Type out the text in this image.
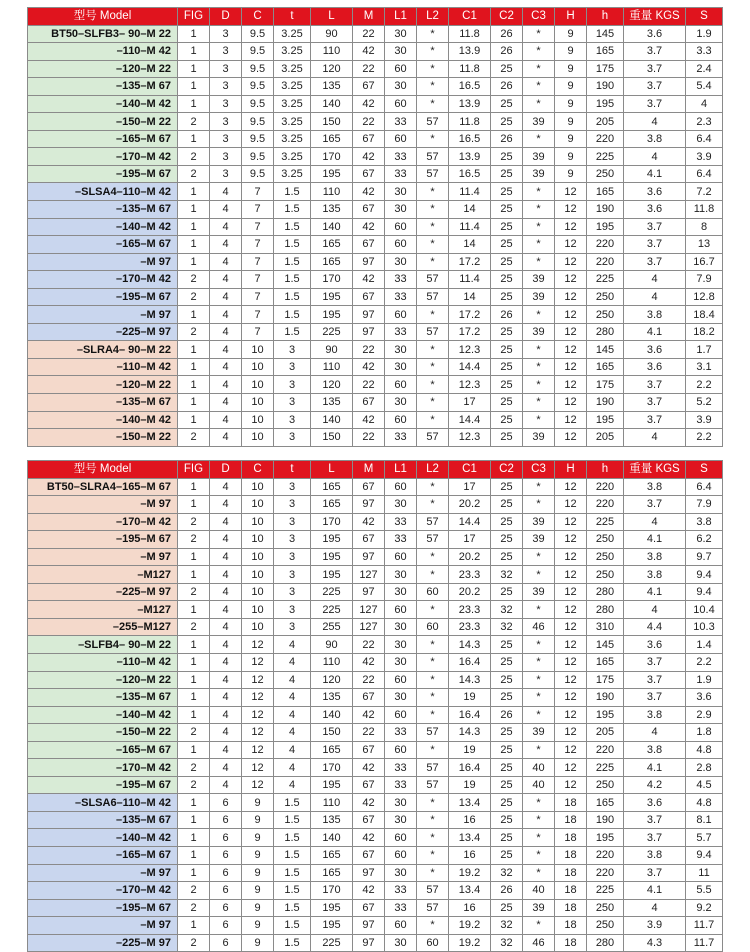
型号 Model	FIG	D	C	t	L	M	L1	L2	C1	C2	C3	H	h	重量 KGS	S
BT50–SLFB3– 90–M 22	1	3	9.5	3.25	90	22	30	*	11.8	26	*	9	145	3.6	1.9
–110–M 42	1	3	9.5	3.25	110	42	30	*	13.9	26	*	9	165	3.7	3.3
–120–M 22	1	3	9.5	3.25	120	22	60	*	11.8	25	*	9	175	3.7	2.4
–135–M 67	1	3	9.5	3.25	135	67	30	*	16.5	26	*	9	190	3.7	5.4
–140–M 42	1	3	9.5	3.25	140	42	60	*	13.9	25	*	9	195	3.7	4
–150–M 22	2	3	9.5	3.25	150	22	33	57	11.8	25	39	9	205	4	2.3
–165–M 67	1	3	9.5	3.25	165	67	60	*	16.5	26	*	9	220	3.8	6.4
–170–M 42	2	3	9.5	3.25	170	42	33	57	13.9	25	39	9	225	4	3.9
–195–M 67	2	3	9.5	3.25	195	67	33	57	16.5	25	39	9	250	4.1	6.4
–SLSA4–110–M 42	1	4	7	1.5	110	42	30	*	11.4	25	*	12	165	3.6	7.2
–135–M 67	1	4	7	1.5	135	67	30	*	14	25	*	12	190	3.6	11.8
–140–M 42	1	4	7	1.5	140	42	60	*	11.4	25	*	12	195	3.7	8
–165–M 67	1	4	7	1.5	165	67	60	*	14	25	*	12	220	3.7	13
–M 97	1	4	7	1.5	165	97	30	*	17.2	25	*	12	220	3.7	16.7
–170–M 42	2	4	7	1.5	170	42	33	57	11.4	25	39	12	225	4	7.9
–195–M 67	2	4	7	1.5	195	67	33	57	14	25	39	12	250	4	12.8
–M 97	1	4	7	1.5	195	97	60	*	17.2	26	*	12	250	3.8	18.4
–225–M 97	2	4	7	1.5	225	97	33	57	17.2	25	39	12	280	4.1	18.2
–SLRA4– 90–M 22	1	4	10	3	90	22	30	*	12.3	25	*	12	145	3.6	1.7
–110–M 42	1	4	10	3	110	42	30	*	14.4	25	*	12	165	3.6	3.1
–120–M 22	1	4	10	3	120	22	60	*	12.3	25	*	12	175	3.7	2.2
–135–M 67	1	4	10	3	135	67	30	*	17	25	*	12	190	3.7	5.2
–140–M 42	1	4	10	3	140	42	60	*	14.4	25	*	12	195	3.7	3.9
–150–M 22	2	4	10	3	150	22	33	57	12.3	25	39	12	205	4	2.2
型号 Model	FIG	D	C	t	L	M	L1	L2	C1	C2	C3	H	h	重量 KGS	S
BT50–SLRA4–165–M 67	1	4	10	3	165	67	60	*	17	25	*	12	220	3.8	6.4
–M 97	1	4	10	3	165	97	30	*	20.2	25	*	12	220	3.7	7.9
–170–M 42	2	4	10	3	170	42	33	57	14.4	25	39	12	225	4	3.8
–195–M 67	2	4	10	3	195	67	33	57	17	25	39	12	250	4.1	6.2
–M 97	1	4	10	3	195	97	60	*	20.2	25	*	12	250	3.8	9.7
–M127	1	4	10	3	195	127	30	*	23.3	32	*	12	250	3.8	9.4
–225–M 97	2	4	10	3	225	97	30	60	20.2	25	39	12	280	4.1	9.4
–M127	1	4	10	3	225	127	60	*	23.3	32	*	12	280	4	10.4
–255–M127	2	4	10	3	255	127	30	60	23.3	32	46	12	310	4.4	10.3
–SLFB4– 90–M 22	1	4	12	4	90	22	30	*	14.3	25	*	12	145	3.6	1.4
–110–M 42	1	4	12	4	110	42	30	*	16.4	25	*	12	165	3.7	2.2
–120–M 22	1	4	12	4	120	22	60	*	14.3	25	*	12	175	3.7	1.9
–135–M 67	1	4	12	4	135	67	30	*	19	25	*	12	190	3.7	3.6
–140–M 42	1	4	12	4	140	42	60	*	16.4	26	*	12	195	3.8	2.9
–150–M 22	2	4	12	4	150	22	33	57	14.3	25	39	12	205	4	1.8
–165–M 67	1	4	12	4	165	67	60	*	19	25	*	12	220	3.8	4.8
–170–M 42	2	4	12	4	170	42	33	57	16.4	25	40	12	225	4.1	2.8
–195–M 67	2	4	12	4	195	67	33	57	19	25	40	12	250	4.2	4.5
–SLSA6–110–M 42	1	6	9	1.5	110	42	30	*	13.4	25	*	18	165	3.6	4.8
–135–M 67	1	6	9	1.5	135	67	30	*	16	25	*	18	190	3.7	8.1
–140–M 42	1	6	9	1.5	140	42	60	*	13.4	25	*	18	195	3.7	5.7
–165–M 67	1	6	9	1.5	165	67	60	*	16	25	*	18	220	3.8	9.4
–M 97	1	6	9	1.5	165	97	30	*	19.2	32	*	18	220	3.7	11
–170–M 42	2	6	9	1.5	170	42	33	57	13.4	26	40	18	225	4.1	5.5
–195–M 67	2	6	9	1.5	195	67	33	57	16	25	39	18	250	4	9.2
–M 97	1	6	9	1.5	195	97	60	*	19.2	32	*	18	250	3.9	11.7
–225–M 97	2	6	9	1.5	225	97	30	60	19.2	32	46	18	280	4.3	11.7
